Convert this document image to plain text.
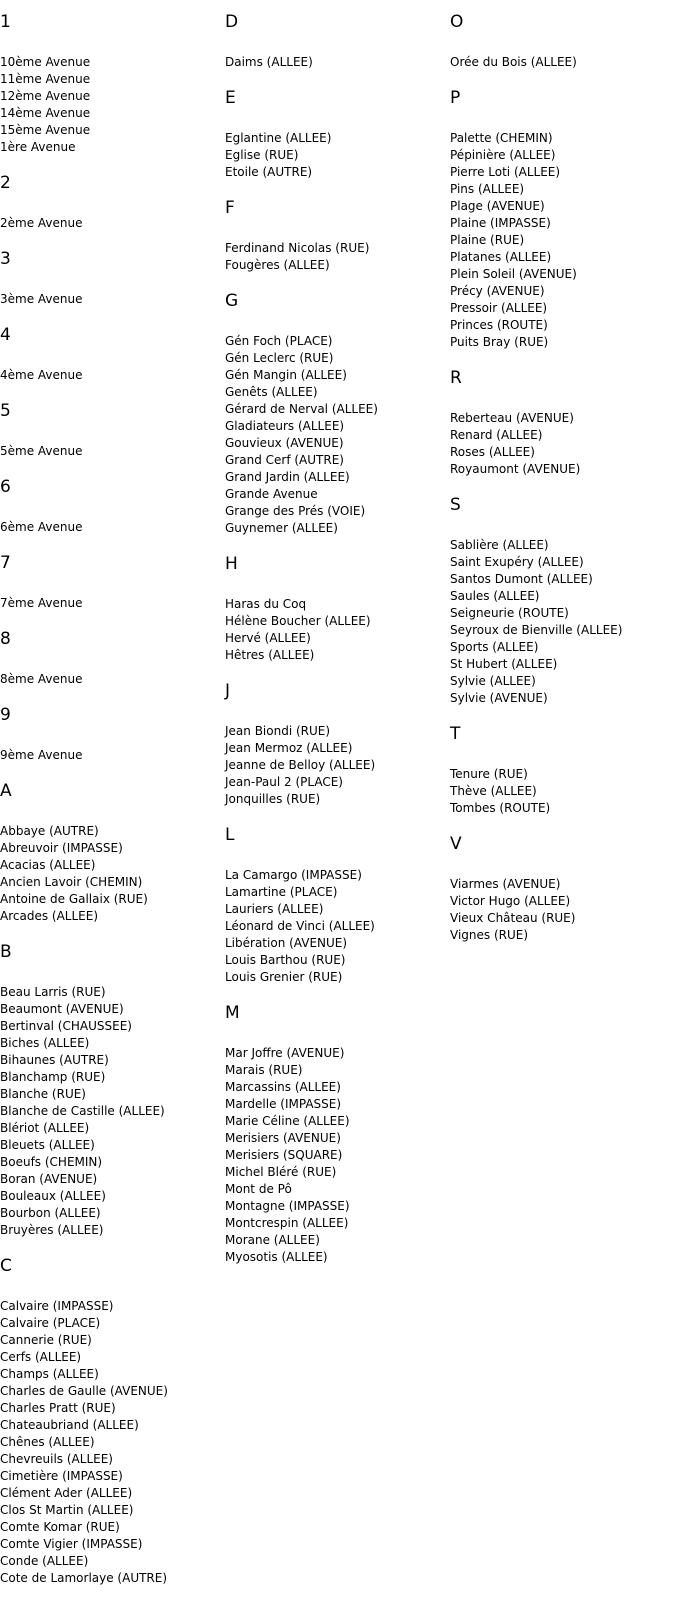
1
10ème Avenue
11ème Avenue
12ème Avenue
14ème Avenue
15ème Avenue
1ère Avenue
2
2ème Avenue
3
3ème Avenue
4
4ème Avenue
5
5ème Avenue
6
6ème Avenue
7
7ème Avenue
8
8ème Avenue
9
9ème Avenue
A
Abbaye (AUTRE)
Abreuvoir (IMPASSE)
Acacias (ALLEE)
Ancien Lavoir (CHEMIN)
Antoine de Gallaix (RUE)
Arcades (ALLEE)
B
Beau Larris (RUE)
Beaumont (AVENUE)
Bertinval (CHAUSSEE)
Biches (ALLEE)
Bihaunes (AUTRE)
Blanchamp (RUE)
Blanche (RUE)
Blanche de Castille (ALLEE)
Blériot (ALLEE)
Bleuets (ALLEE)
Boeufs (CHEMIN)
Boran (AVENUE)
Bouleaux (ALLEE)
Bourbon (ALLEE)
Bruyères (ALLEE)
C
Calvaire (IMPASSE)
Calvaire (PLACE)
Cannerie (RUE)
Cerfs (ALLEE)
Champs (ALLEE)
Charles de Gaulle (AVENUE)
Charles Pratt (RUE)
Chateaubriand (ALLEE)
Chênes (ALLEE)
Chevreuils (ALLEE)
Cimetière (IMPASSE)
Clément Ader (ALLEE)
Clos St Martin (ALLEE)
Comte Komar (RUE)
Comte Vigier (IMPASSE)
Conde (ALLEE)
Cote de Lamorlaye (AUTRE)
D
Daims (ALLEE)
E
Eglantine (ALLEE)
Eglise (RUE)
Etoile (AUTRE)
F
Ferdinand Nicolas (RUE)
Fougères (ALLEE)
G
Gén Foch (PLACE)
Gén Leclerc (RUE)
Gén Mangin (ALLEE)
Genêts (ALLEE)
Gérard de Nerval (ALLEE)
Gladiateurs (ALLEE)
Gouvieux (AVENUE)
Grand Cerf (AUTRE)
Grand Jardin (ALLEE)
Grande Avenue
Grange des Prés (VOIE)
Guynemer (ALLEE)
H
Haras du Coq
Hélène Boucher (ALLEE)
Hervé (ALLEE)
Hêtres (ALLEE)
J
Jean Biondi (RUE)
Jean Mermoz (ALLEE)
Jeanne de Belloy (ALLEE)
Jean-Paul 2 (PLACE)
Jonquilles (RUE)
L
La Camargo (IMPASSE)
Lamartine (PLACE)
Lauriers (ALLEE)
Léonard de Vinci (ALLEE)
Libération (AVENUE)
Louis Barthou (RUE)
Louis Grenier (RUE)
M
Mar Joffre (AVENUE)
Marais (RUE)
Marcassins (ALLEE)
Mardelle (IMPASSE)
Marie Céline (ALLEE)
Merisiers (AVENUE)
Merisiers (SQUARE)
Michel Bléré (RUE)
Mont de Pô
Montagne (IMPASSE)
Montcrespin (ALLEE)
Morane (ALLEE)
Myosotis (ALLEE)
O
Orée du Bois (ALLEE)
P
Palette (CHEMIN)
Pépinière (ALLEE)
Pierre Loti (ALLEE)
Pins (ALLEE)
Plage (AVENUE)
Plaine (IMPASSE)
Plaine (RUE)
Platanes (ALLEE)
Plein Soleil (AVENUE)
Précy (AVENUE)
Pressoir (ALLEE)
Princes (ROUTE)
Puits Bray (RUE)
R
Reberteau (AVENUE)
Renard (ALLEE)
Roses (ALLEE)
Royaumont (AVENUE)
S
Sablière (ALLEE)
Saint Exupéry (ALLEE)
Santos Dumont (ALLEE)
Saules (ALLEE)
Seigneurie (ROUTE)
Seyroux de Bienville (ALLEE)
Sports (ALLEE)
St Hubert (ALLEE)
Sylvie (ALLEE)
Sylvie (AVENUE)
T
Tenure (RUE)
Thève (ALLEE)
Tombes (ROUTE)
V
Viarmes (AVENUE)
Victor Hugo (ALLEE)
Vieux Château (RUE)
Vignes (RUE)
